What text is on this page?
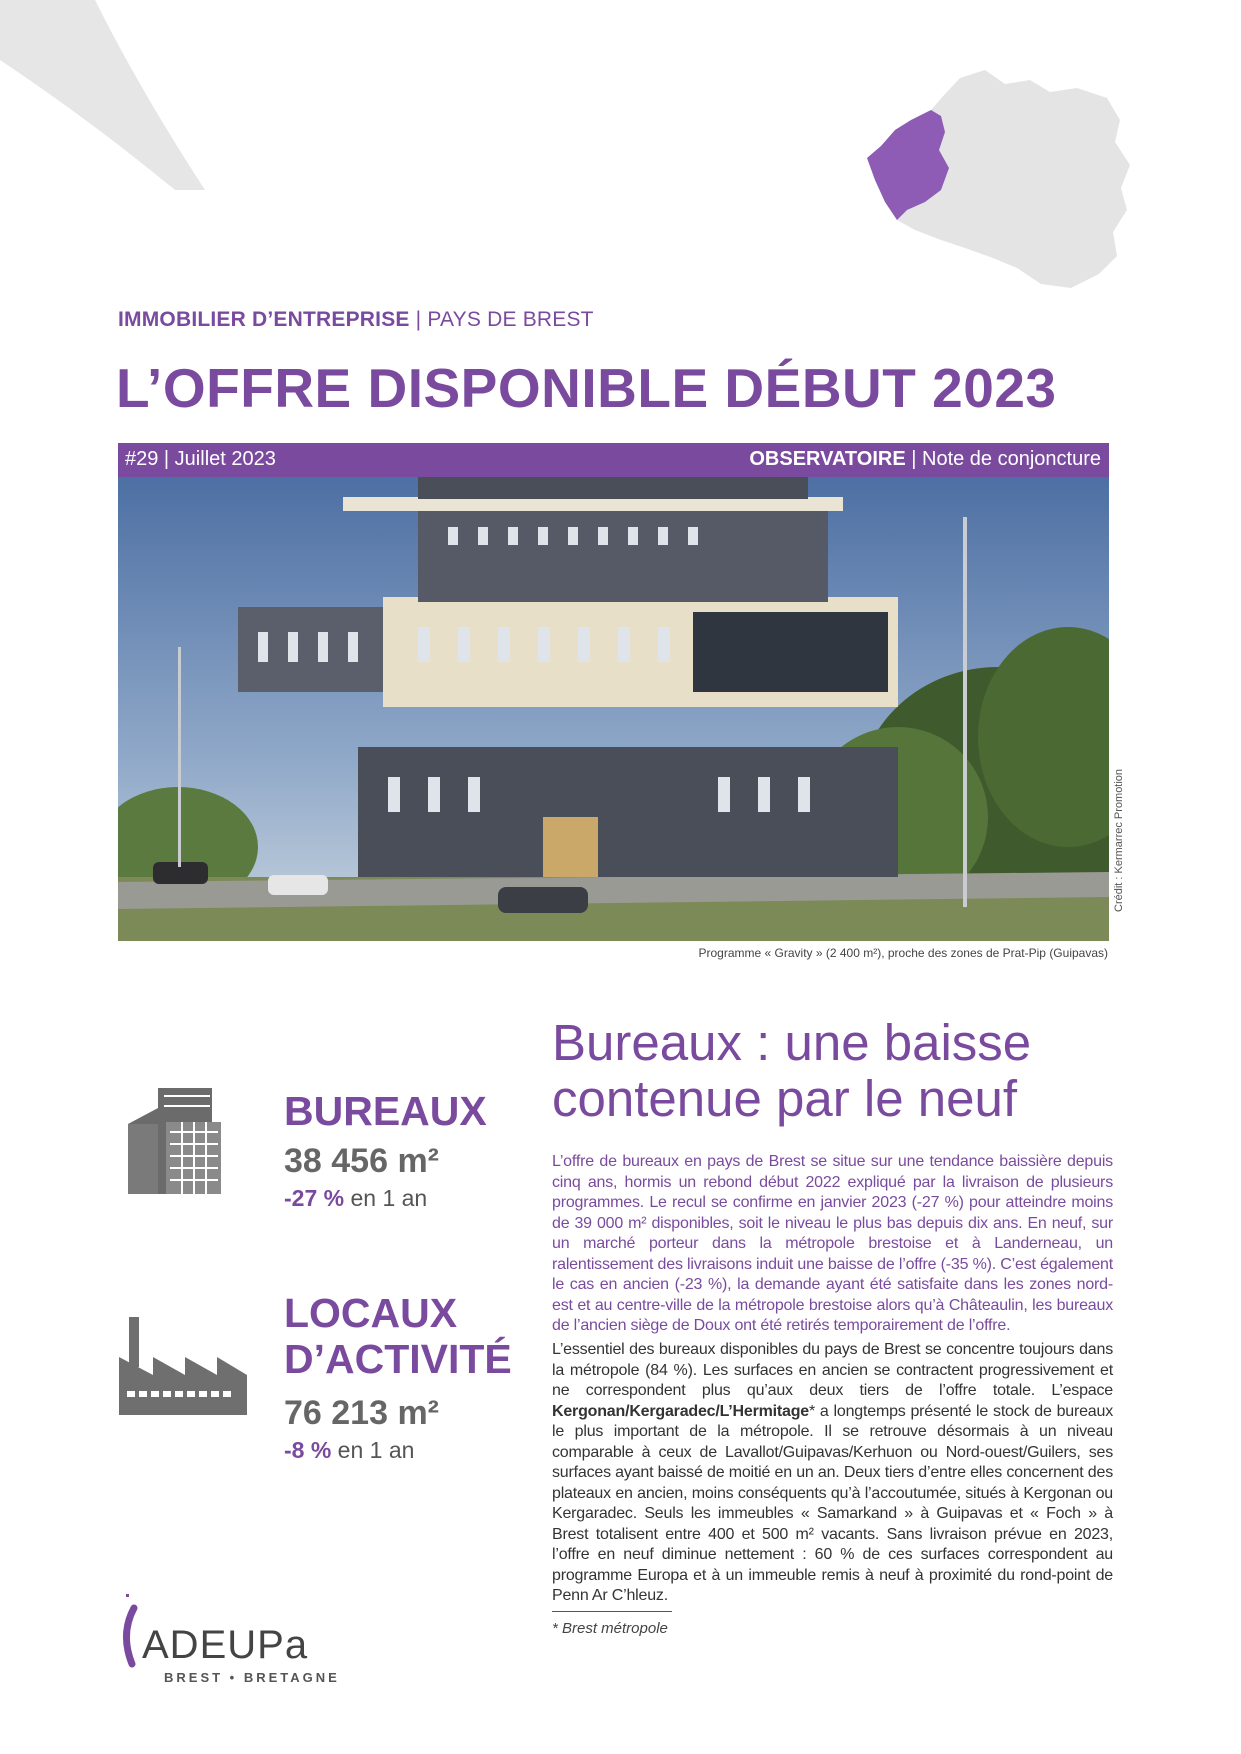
IMMOBILIER D’ENTREPRISE | PAYS DE BREST
L’OFFRE DISPONIBLE DÉBUT 2023
#29 | Juillet 2023	OBSERVATOIRE | Note de conjoncture
Crédit : Kermarrec Promotion
Programme « Gravity » (2 400 m²), proche des zones de Prat-Pip (Guipavas)
Bureaux : une baisse
contenue par le neuf
BUREAUX
38 456 m²
-27 % en 1 an
LOCAUX
D’ACTIVITÉ
76 213 m²
-8 % en 1 an
L’offre de bureaux en pays de Brest se situe sur une tendance baissière depuis cinq ans, hormis un rebond début 2022 expliqué par la livraison de plusieurs programmes. Le recul se confirme en janvier 2023 (-27 %) pour atteindre moins de 39 000 m² disponibles, soit le niveau le plus bas depuis dix ans. En neuf, sur un marché porteur dans la métropole brestoise et à Landerneau, un ralentissement des livraisons induit une baisse de l’offre (-35 %). C’est également le cas en ancien (-23 %), la demande ayant été satisfaite dans les zones nord-est et au centre-ville de la métropole brestoise alors qu’à Châteaulin, les bureaux de l’ancien siège de Doux ont été retirés temporairement de l’offre.
L’essentiel des bureaux disponibles du pays de Brest se concentre toujours dans la métropole (84 %). Les surfaces en ancien se contractent progressivement et ne correspondent plus qu’aux deux tiers de l’offre totale. L’espace Kergonan/Kergaradec/L’Hermitage* a longtemps présenté le stock de bureaux le plus important de la métropole. Il se retrouve désormais à un niveau comparable à ceux de Lavallot/Guipavas/Kerhuon ou Nord-ouest/Guilers, ses surfaces ayant baissé de moitié en un an. Deux tiers d’entre elles concernent des plateaux en ancien, moins conséquents qu’à l’accoutumée, situés à Kergonan ou Kergaradec. Seuls les immeubles « Samarkand » à Guipavas et « Foch » à Brest totalisent entre 400 et 500 m² vacants. Sans livraison prévue en 2023, l’offre en neuf diminue nettement : 60 % de ces surfaces correspondent au programme Europa et à un immeuble remis à neuf à proximité du rond-point de Penn Ar C’hleuz.
* Brest métropole
ADEUPa
BREST • BRETAGNE
